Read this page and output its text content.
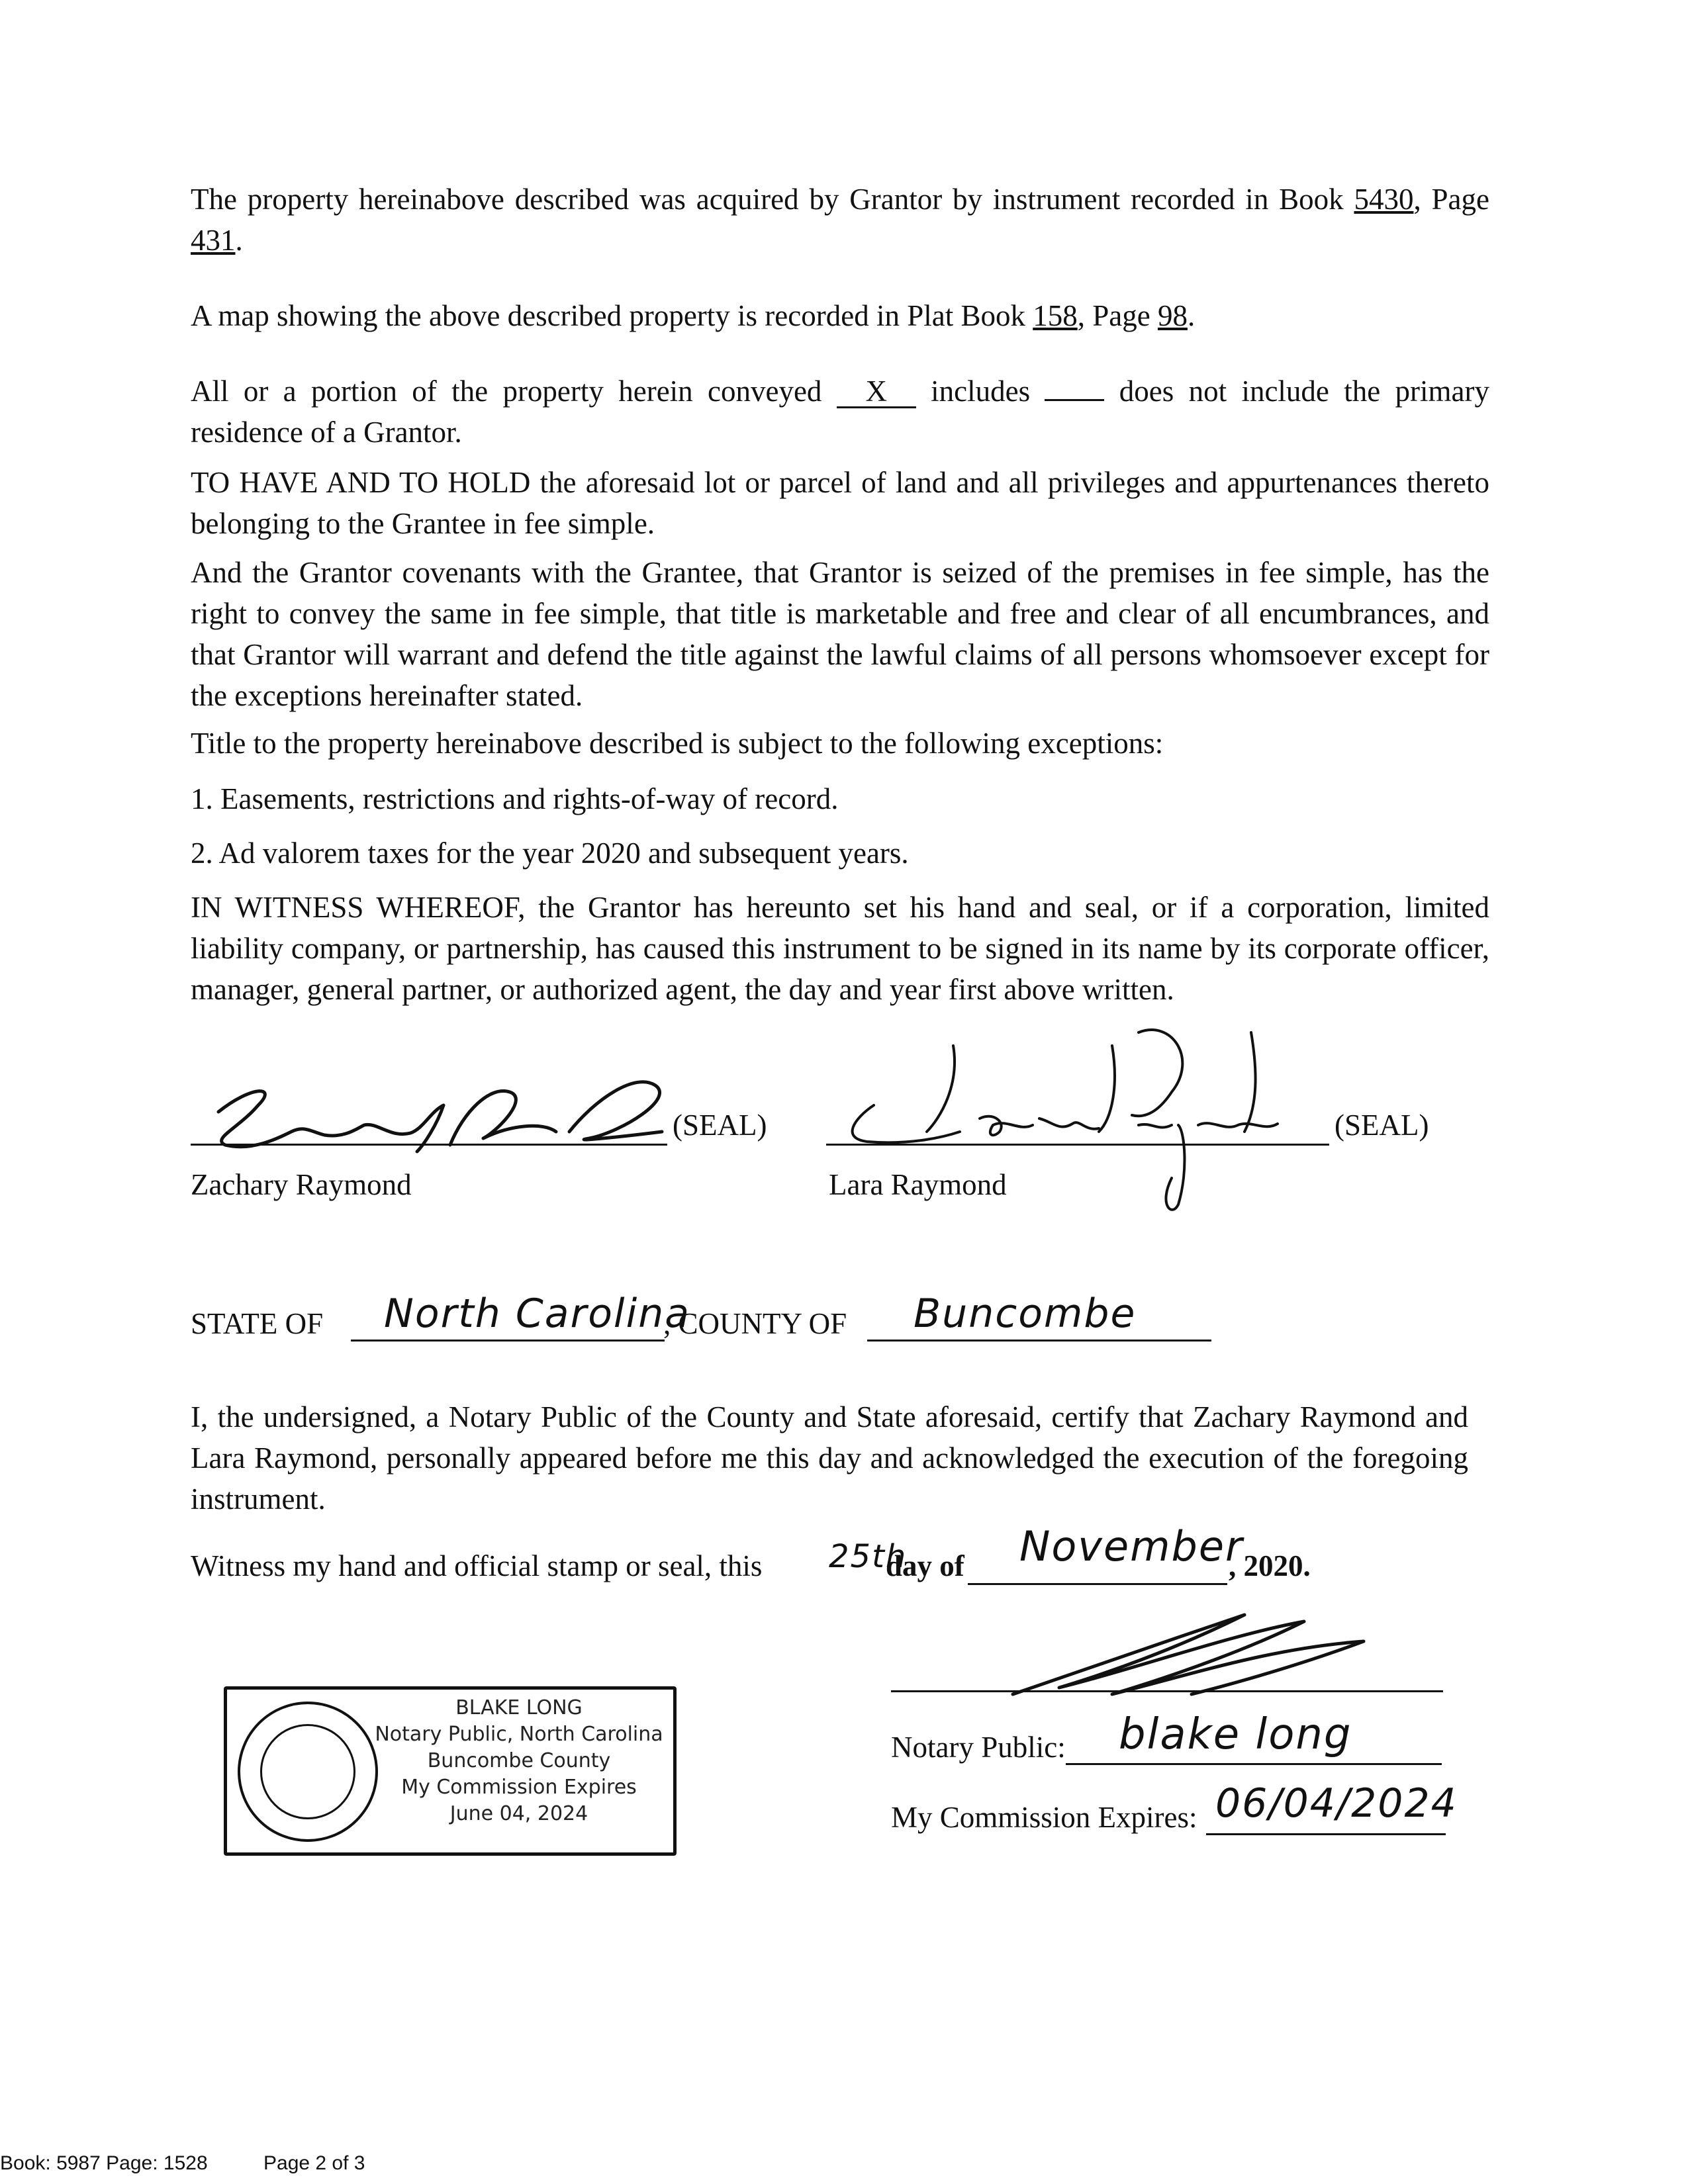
The property hereinabove described was acquired by Grantor by instrument recorded in Book 5430, Page 431.
A map showing the above described property is recorded in Plat Book 158, Page 98.
All or a portion of the property herein conveyed X includes  does not include the primary residence of a Grantor.
TO HAVE AND TO HOLD the aforesaid lot or parcel of land and all privileges and appurtenances thereto belonging to the Grantee in fee simple.
And the Grantor covenants with the Grantee, that Grantor is seized of the premises in fee simple, has the right to convey the same in fee simple, that title is marketable and free and clear of all encumbrances, and that Grantor will warrant and defend the title against the lawful claims of all persons whomsoever except for the exceptions hereinafter stated.
Title to the property hereinabove described is subject to the following exceptions:
1. Easements, restrictions and rights-of-way of record.
2. Ad valorem taxes for the year 2020 and subsequent years.
IN WITNESS WHEREOF, the Grantor has hereunto set his hand and seal, or if a corporation, limited liability company, or partnership, has caused this instrument to be signed in its name by its corporate officer, manager, general partner, or authorized agent, the day and year first above written.
(SEAL)
Zachary Raymond
(SEAL)
Lara Raymond
STATE OF North Carolina
, COUNTY OF Buncombe
I, the undersigned, a Notary Public of the County and State aforesaid, certify that Zachary Raymond and Lara Raymond, personally appeared before me this day and acknowledged the execution of the foregoing instrument.
Witness my hand and official stamp or seal, this 25th
day of November
, 2020.
BLAKE LONG
Notary Public, North Carolina
Buncombe County
My Commission Expires
June 04, 2024
Notary Public: blake long
My Commission Expires: 06/04/2024
Book: 5987 Page: 1528	Page 2 of 3
